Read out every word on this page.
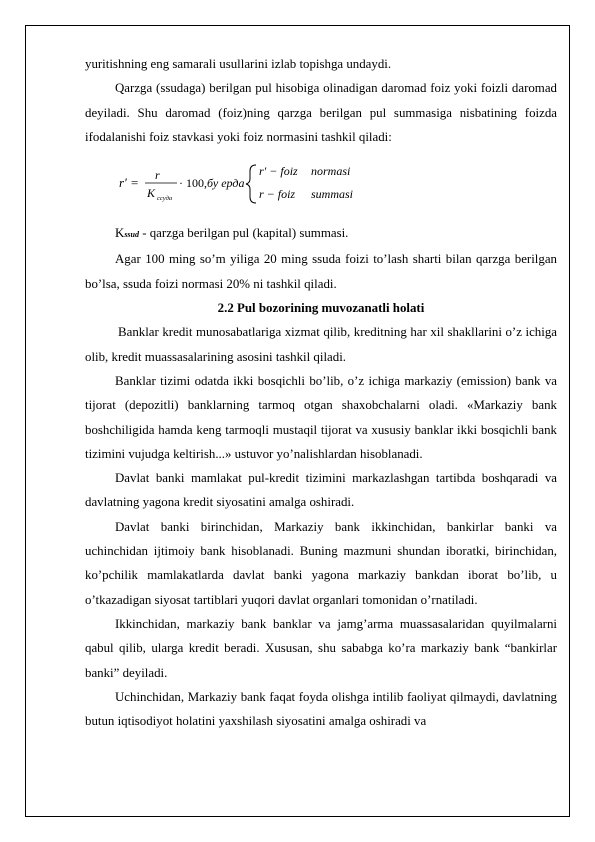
yuritishning eng samarali usullarini izlab topishga undaydi.

Qarzga (ssudaga) berilgan pul hisobiga olinadigan daromad foiz yoki foizli daromad deyiladi. Shu daromad (foiz)ning qarzga berilgan pul summasiga nisbatining foizda ifodalanishi foiz stavkasi yoki foiz normasini tashkil qiladi:

r′ = r
K ссуда
· 100, бу ерда
r′ − foiz normasi
r − foiz summasi

Kssud - qarzga berilgan pul (kapital) summasi.

Agar 100 ming so’m yiliga 20 ming ssuda foizi to’lash sharti bilan qarzga berilgan bo’lsa, ssuda foizi normasi 20% ni tashkil qiladi.

2.2 Pul bozorining muvozanatli holati

Banklar kredit munosabatlariga xizmat qilib, kreditning har xil shakllarini o’z ichiga olib, kredit muassasalarining asosini tashkil qiladi.

Banklar tizimi odatda ikki bosqichli bo’lib, o’z ichiga markaziy (emission) bank va tijorat (depozitli) banklarning tarmoq otgan shaxobchalarni oladi. «Markaziy bank boshchiligida hamda keng tarmoqli mustaqil tijorat va xususiy banklar ikki bosqichli bank tizimini vujudga keltirish...» ustuvor yo’nalishlardan hisoblanadi.

Davlat banki mamlakat pul-kredit tizimini markazlashgan tartibda boshqaradi va davlatning yagona kredit siyosatini amalga oshiradi.

Davlat banki birinchidan, Markaziy bank ikkinchidan, bankirlar banki va uchinchidan ijtimoiy bank hisoblanadi. Buning mazmuni shundan iboratki, birinchidan, ko’pchilik mamlakatlarda davlat banki yagona markaziy bankdan iborat bo’lib, u o’tkazadigan siyosat tartiblari yuqori davlat organlari tomonidan o’rnatiladi.

Ikkinchidan, markaziy bank banklar va jamg’arma muassasalaridan quyilmalarni qabul qilib, ularga kredit beradi. Xususan, shu sababga ko’ra markaziy bank “bankirlar banki” deyiladi.

Uchinchidan, Markaziy bank faqat foyda olishga intilib faoliyat qilmaydi, davlatning butun iqtisodiyot holatini yaxshilash siyosatini amalga oshiradi va
